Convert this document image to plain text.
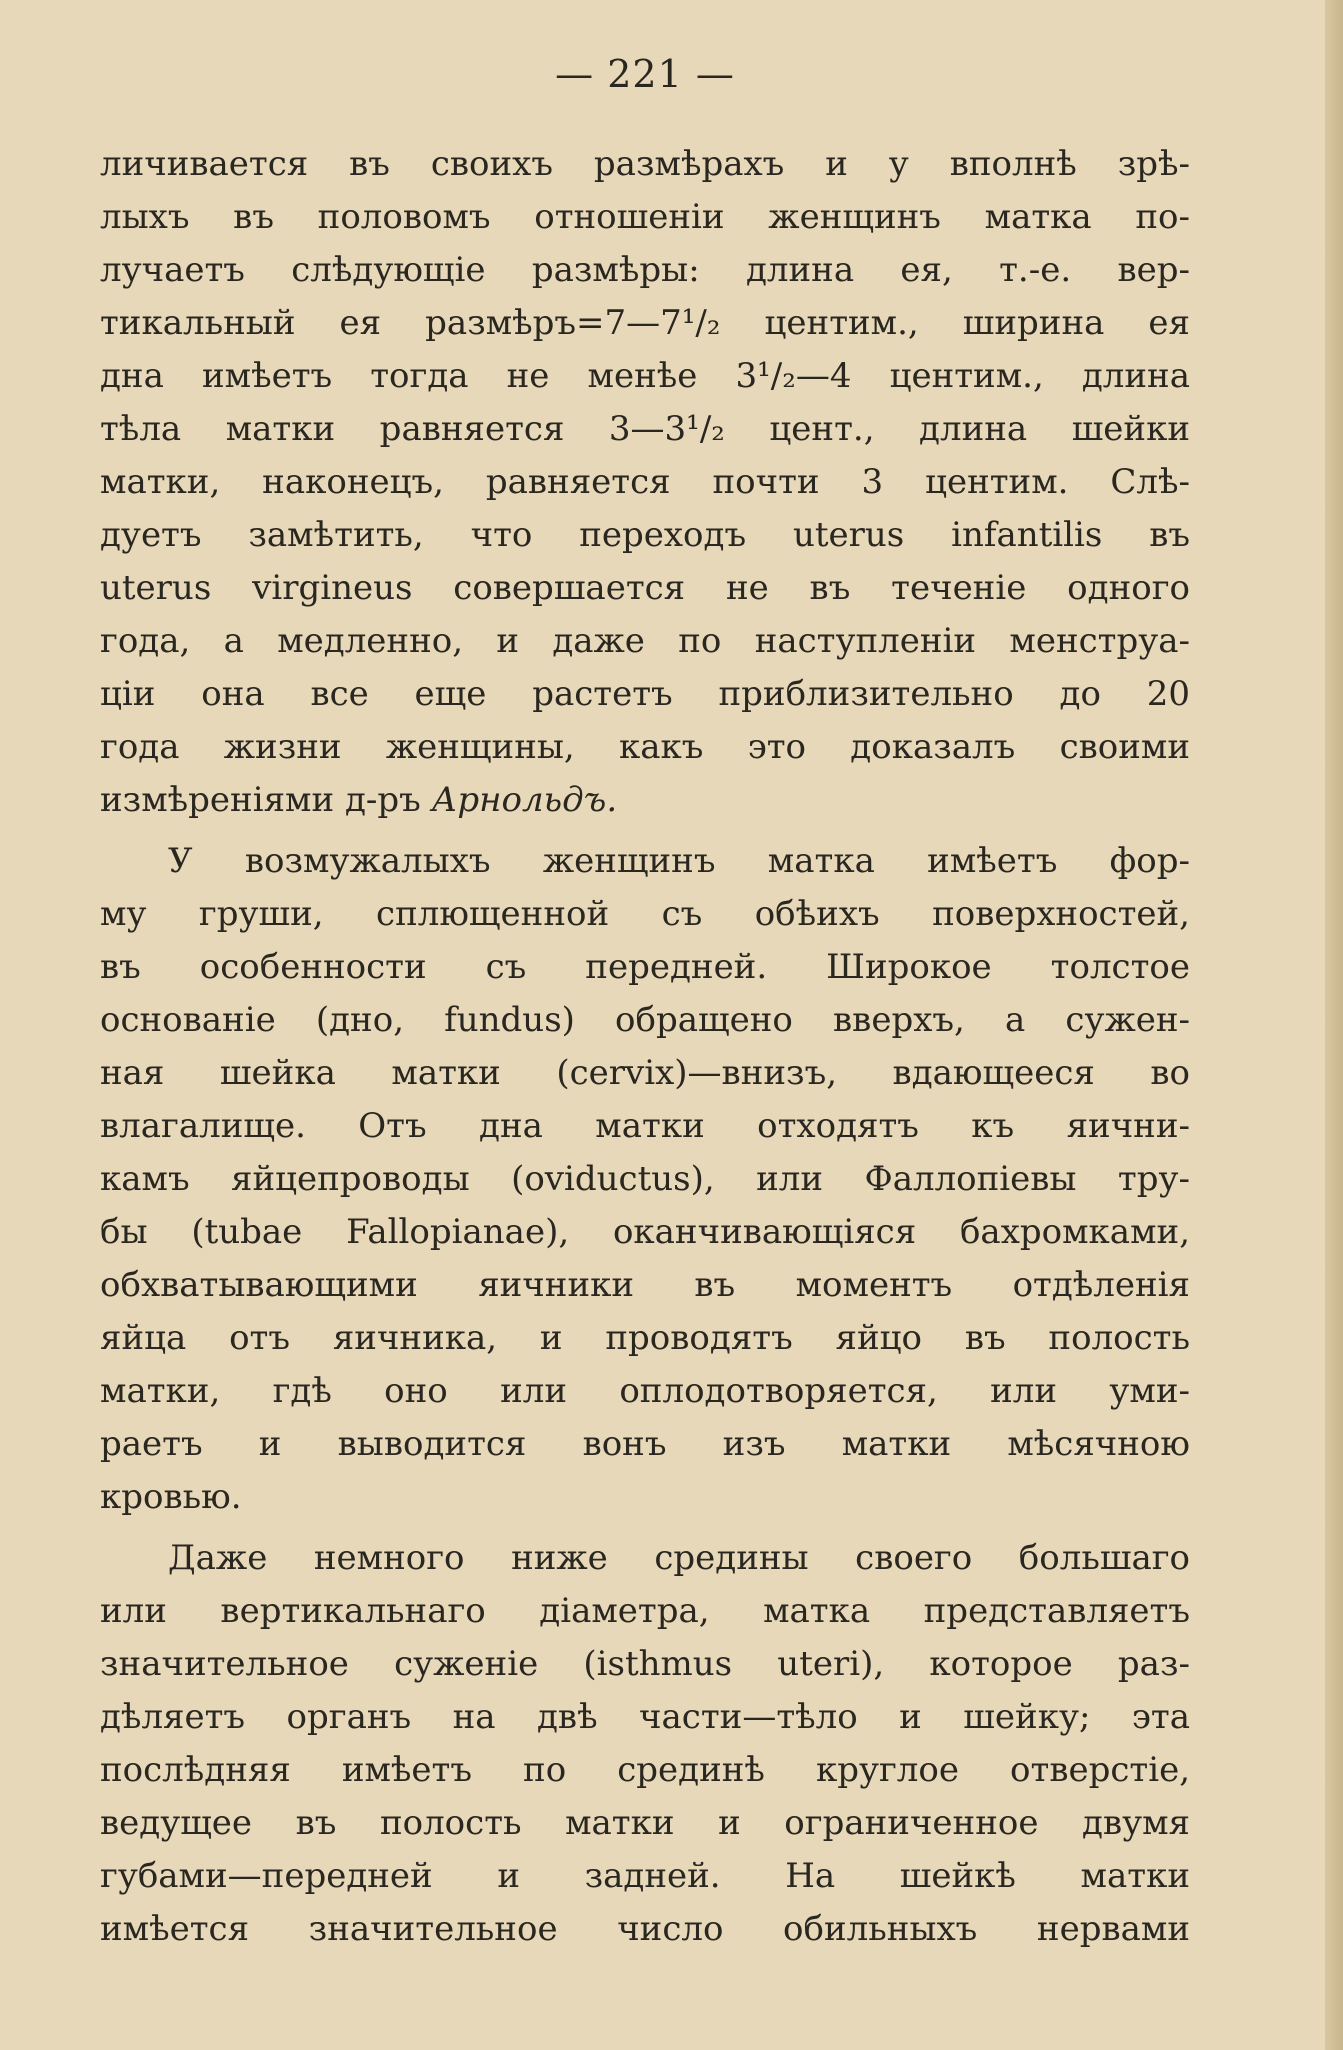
— 221 —

личивается въ своихъ размѣрахъ и у вполнѣ зрѣ-
лыхъ въ половомъ отношеніи женщинъ матка по-
лучаетъ слѣдующіе размѣры: длина ея, т.-е. вер-
тикальный ея размѣръ=7—7¹/₂ центим., ширина ея
дна имѣетъ тогда не менѣе 3¹/₂—4 центим., длина
тѣла матки равняется 3—3¹/₂ цент., длина шейки
матки, наконецъ, равняется почти 3 центим. Слѣ-
дуетъ замѣтить, что переходъ uterus infantilis въ
uterus virgineus совершается не въ теченіе одного
года, а медленно, и даже по наступленіи менструа-
ціи она все еще растетъ приблизительно до 20
года жизни женщины, какъ это доказалъ своими
измѣреніями д-ръ Арнольдъ.

У возмужалыхъ женщинъ матка имѣетъ фор-
му груши, сплющенной съ обѣихъ поверхностей,
въ особенности съ передней. Широкое толстое
основаніе (дно, fundus) обращено вверхъ, а сужен-
ная шейка матки (cervix)—внизъ, вдающееся во
влагалище. Отъ дна матки отходятъ къ яични-
камъ яйцепроводы (oviductus), или Фаллопіевы тру-
бы (tubae Fallopianae), оканчивающіяся бахромками,
обхватывающими яичники въ моментъ отдѣленія
яйца отъ яичника, и проводятъ яйцо въ полость
матки, гдѣ оно или оплодотворяется, или уми-
раетъ и выводится вонъ изъ матки мѣсячною
кровью.

Даже немного ниже средины своего большаго
или вертикальнаго діаметра, матка представляетъ
значительное суженіе (isthmus uteri), которое раз-
дѣляетъ органъ на двѣ части—тѣло и шейку; эта
послѣдняя имѣетъ по срединѣ круглое отверстіе,
ведущее въ полость матки и ограниченное двумя
губами—передней и задней. На шейкѣ матки
имѣется значительное число обильныхъ нервами
